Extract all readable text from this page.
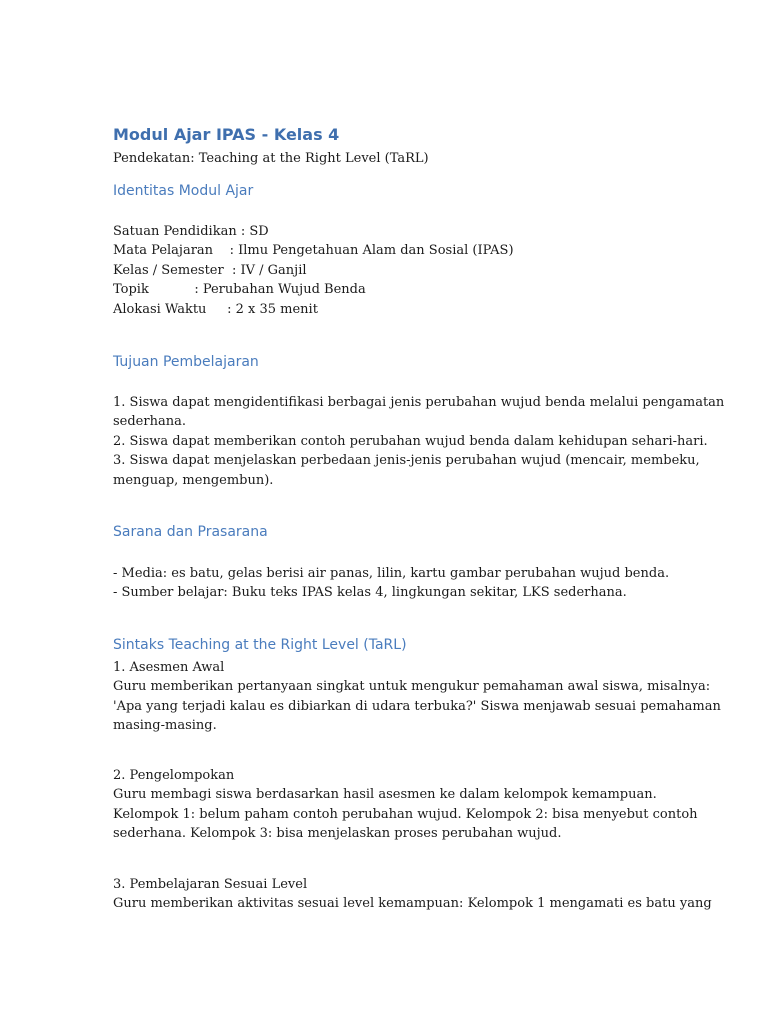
Modul Ajar IPAS - Kelas 4
Pendekatan: Teaching at the Right Level (TaRL)
Identitas Modul Ajar
Satuan Pendidikan : SD
Mata Pelajaran    : Ilmu Pengetahuan Alam dan Sosial (IPAS)
Kelas / Semester  : IV / Ganjil
Topik           : Perubahan Wujud Benda
Alokasi Waktu     : 2 x 35 menit
Tujuan Pembelajaran
1. Siswa dapat mengidentifikasi berbagai jenis perubahan wujud benda melalui pengamatan
sederhana.
2. Siswa dapat memberikan contoh perubahan wujud benda dalam kehidupan sehari-hari.
3. Siswa dapat menjelaskan perbedaan jenis-jenis perubahan wujud (mencair, membeku,
menguap, mengembun).
Sarana dan Prasarana
- Media: es batu, gelas berisi air panas, lilin, kartu gambar perubahan wujud benda.
- Sumber belajar: Buku teks IPAS kelas 4, lingkungan sekitar, LKS sederhana.
Sintaks Teaching at the Right Level (TaRL)
1. Asesmen Awal
Guru memberikan pertanyaan singkat untuk mengukur pemahaman awal siswa, misalnya:
'Apa yang terjadi kalau es dibiarkan di udara terbuka?' Siswa menjawab sesuai pemahaman
masing-masing.
2. Pengelompokan
Guru membagi siswa berdasarkan hasil asesmen ke dalam kelompok kemampuan.
Kelompok 1: belum paham contoh perubahan wujud. Kelompok 2: bisa menyebut contoh
sederhana. Kelompok 3: bisa menjelaskan proses perubahan wujud.
3. Pembelajaran Sesuai Level
Guru memberikan aktivitas sesuai level kemampuan: Kelompok 1 mengamati es batu yang
